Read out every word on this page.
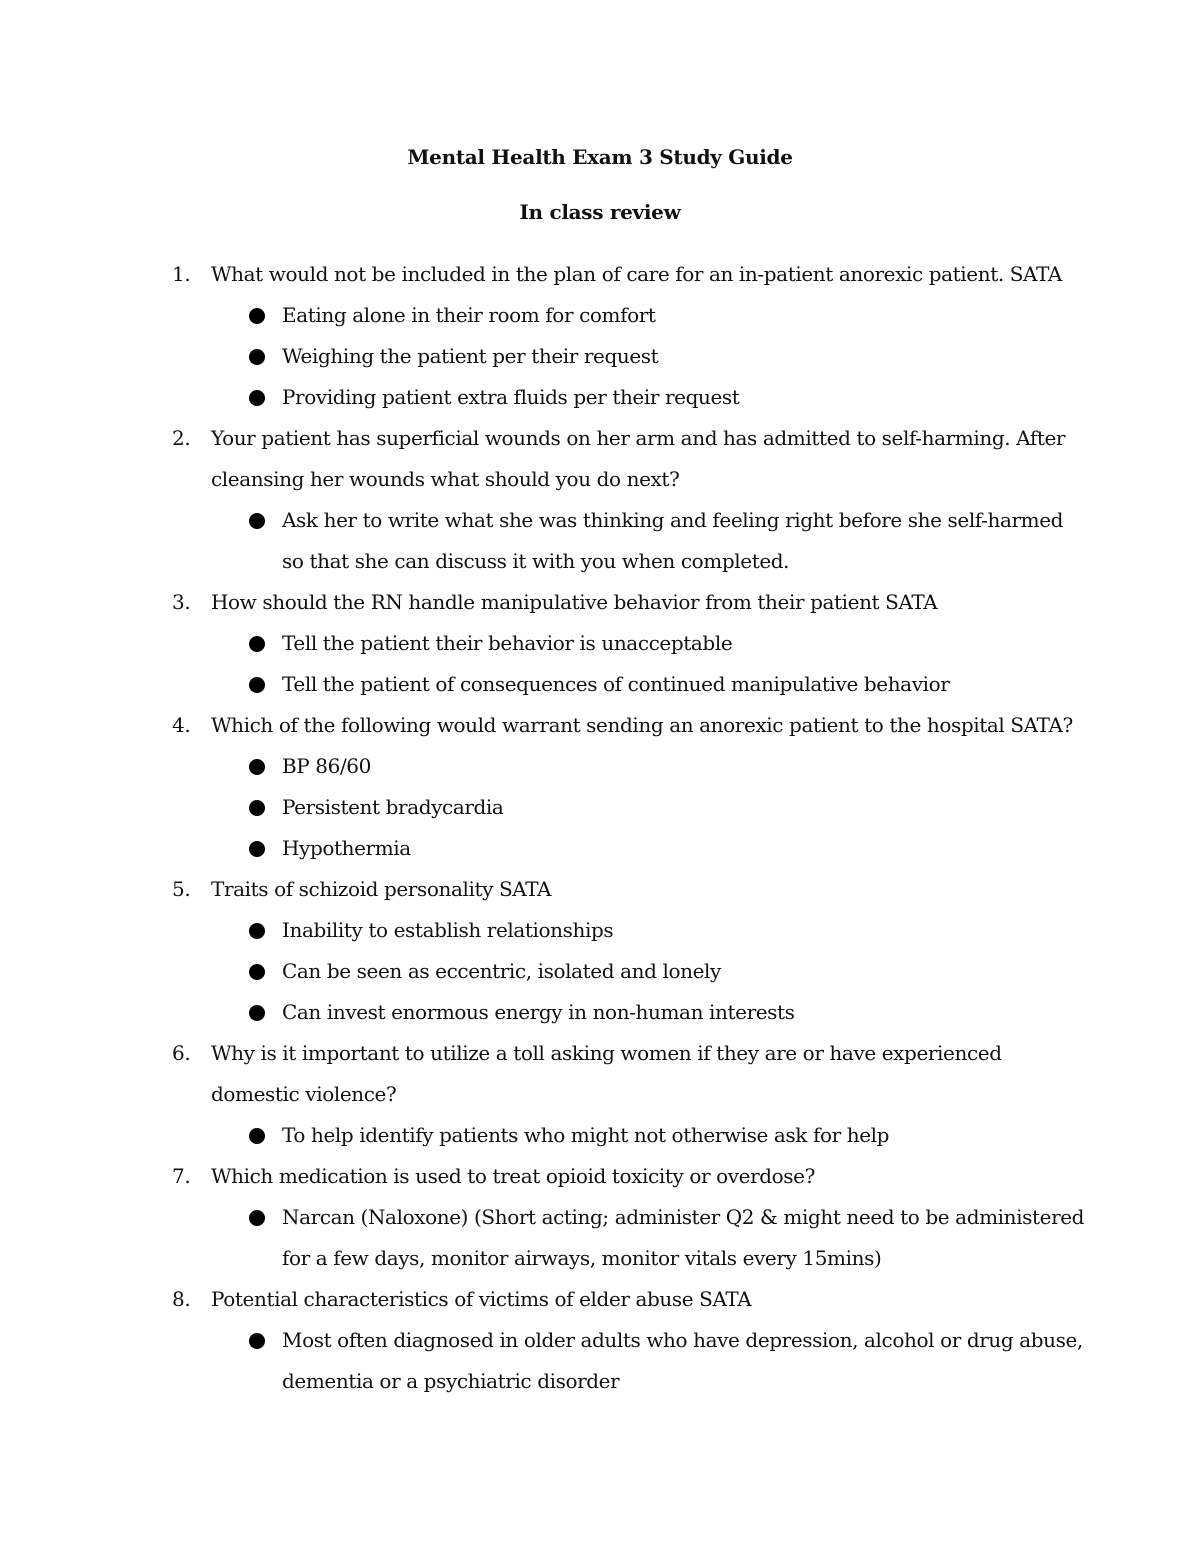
Mental Health Exam 3 Study Guide
In class review
1. What would not be included in the plan of care for an in-patient anorexic patient. SATA
Eating alone in their room for comfort
Weighing the patient per their request
Providing patient extra fluids per their request
2. Your patient has superficial wounds on her arm and has admitted to self-harming. After
cleansing her wounds what should you do next?
Ask her to write what she was thinking and feeling right before she self-harmed
so that she can discuss it with you when completed.
3. How should the RN handle manipulative behavior from their patient SATA
Tell the patient their behavior is unacceptable
Tell the patient of consequences of continued manipulative behavior
4. Which of the following would warrant sending an anorexic patient to the hospital SATA?
BP 86/60
Persistent bradycardia
Hypothermia
5. Traits of schizoid personality SATA
Inability to establish relationships
Can be seen as eccentric, isolated and lonely
Can invest enormous energy in non-human interests
6. Why is it important to utilize a toll asking women if they are or have experienced
domestic violence?
To help identify patients who might not otherwise ask for help
7. Which medication is used to treat opioid toxicity or overdose?
Narcan (Naloxone) (Short acting; administer Q2 & might need to be administered
for a few days, monitor airways, monitor vitals every 15mins)
8. Potential characteristics of victims of elder abuse SATA
Most often diagnosed in older adults who have depression, alcohol or drug abuse,
dementia or a psychiatric disorder
